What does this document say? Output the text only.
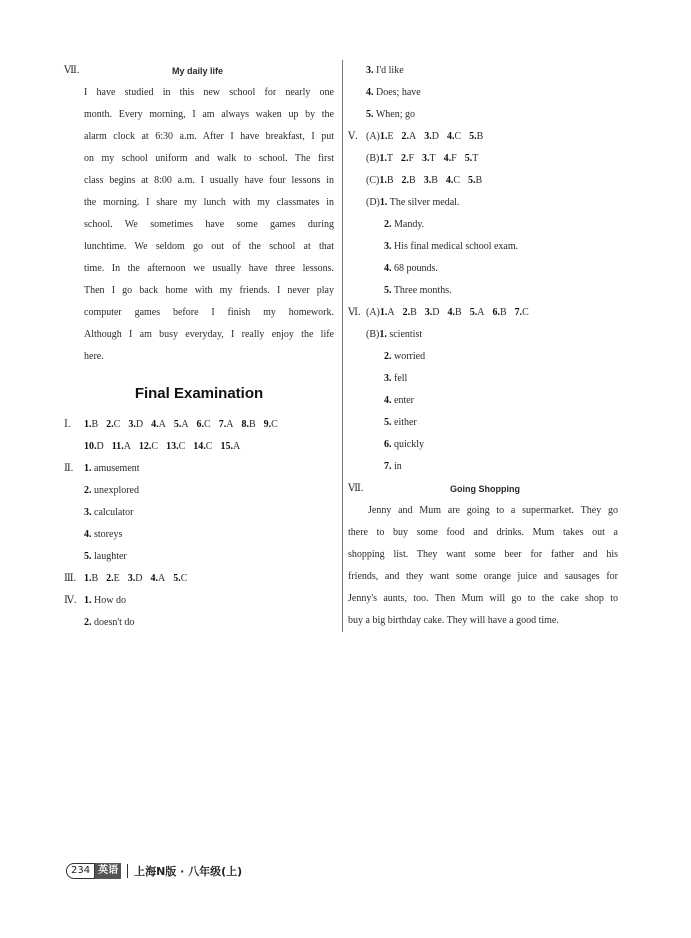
Ⅶ.	My daily life
I have studied in this new school for nearly one
month. Every morning, I am always waken up by the
alarm clock at 6:30 a.m. After I have breakfast, I put
on my school uniform and walk to school. The first
class begins at 8:00 a.m. I usually have four lessons in
the morning. I share my lunch with my classmates in
school. We sometimes have some games during
lunchtime. We seldom go out of the school at that
time. In the afternoon we usually have three lessons.
Then I go back home with my friends. I never play
computer games before I finish my homework.
Although I am busy everyday, I really enjoy the life
here.
Final Examination
Ⅰ. 1.B 2.C 3.D 4.A 5.A 6.C 7.A 8.B 9.C
10.D 11.A 12.C 13.C 14.C 15.A
Ⅱ. 1. amusement
2. unexplored
3. calculator
4. storeys
5. laughter
Ⅲ. 1.B 2.E 3.D 4.A 5.C
Ⅳ. 1. How do
2. doesn't do
3. I'd like
4. Does; have
5. When; go
Ⅴ. (A)1.E 2.A 3.D 4.C 5.B
(B)1.T 2.F 3.T 4.F 5.T
(C)1.B 2.B 3.B 4.C 5.B
(D)1. The silver medal.
2. Mandy.
3. His final medical school exam.
4. 68 pounds.
5. Three months.
Ⅵ. (A)1.A 2.B 3.D 4.B 5.A 6.B 7.C
(B)1. scientist
2. worried
3. fell
4. enter
5. either
6. quickly
7. in
Ⅶ.	Going Shopping
Jenny and Mum are going to a supermarket. They go
there to buy some food and drinks. Mum takes out a
shopping list. They want some beer for father and his
friends, and they want some orange juice and sausages for
Jenny's aunts, too. Then Mum will go to the cake shop to
buy a big birthday cake. They will have a good time.
234 英语 上海N版 · 八年级(上)
